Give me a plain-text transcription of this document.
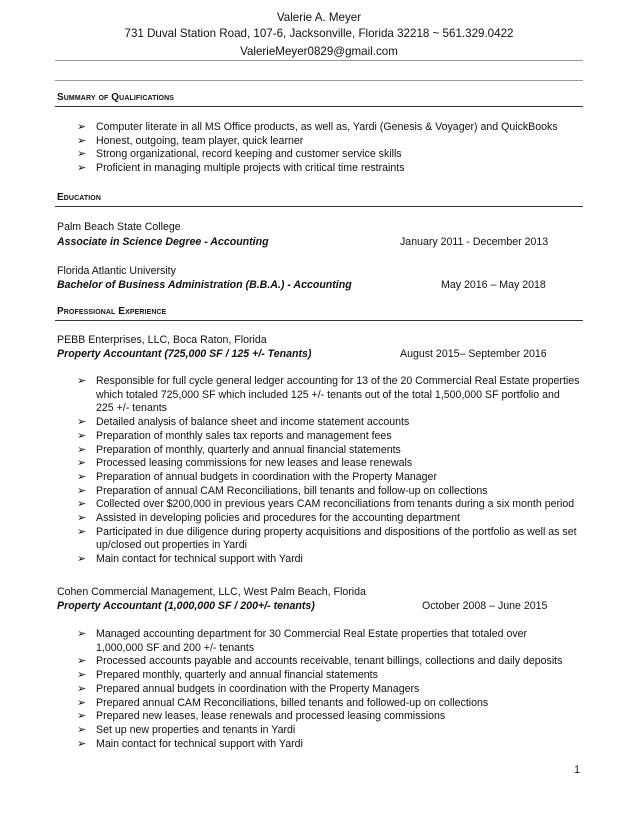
Valerie A. Meyer
731 Duval Station Road, 107-6, Jacksonville, Florida 32218 ~ 561.329.0422
ValerieMeyer0829@gmail.com
Summary of Qualifications
➢ Computer literate in all MS Office products, as well as, Yardi (Genesis & Voyager) and QuickBooks
➢ Honest, outgoing, team player, quick learner
➢ Strong organizational, record keeping and customer service skills
➢ Proficient in managing multiple projects with critical time restraints
Education
Palm Beach State College
Associate in Science Degree - Accounting	January 2011 - December 2013
Florida Atlantic University
Bachelor of Business Administration (B.B.A.) - Accounting	May 2016 – May 2018
Professional Experience
PEBB Enterprises, LLC, Boca Raton, Florida
Property Accountant (725,000 SF / 125 +/- Tenants)	August 2015– September 2016
➢ Responsible for full cycle general ledger accounting for 13 of the 20 Commercial Real Estate properties
which totaled 725,000 SF which included 125 +/- tenants out of the total 1,500,000 SF portfolio and
225 +/- tenants
➢ Detailed analysis of balance sheet and income statement accounts
➢ Preparation of monthly sales tax reports and management fees
➢ Preparation of monthly, quarterly and annual financial statements
➢ Processed leasing commissions for new leases and lease renewals
➢ Preparation of annual budgets in coordination with the Property Manager
➢ Preparation of annual CAM Reconciliations, bill tenants and follow-up on collections
➢ Collected over $200,000 in previous years CAM reconciliations from tenants during a six month period
➢ Assisted in developing policies and procedures for the accounting department
➢ Participated in due diligence during property acquisitions and dispositions of the portfolio as well as set
up/closed out properties in Yardi
➢ Main contact for technical support with Yardi
Cohen Commercial Management, LLC, West Palm Beach, Florida
Property Accountant (1,000,000 SF / 200+/- tenants)	October 2008 – June 2015
➢ Managed accounting department for 30 Commercial Real Estate properties that totaled over
1,000,000 SF and 200 +/- tenants
➢ Processed accounts payable and accounts receivable, tenant billings, collections and daily deposits
➢ Prepared monthly, quarterly and annual financial statements
➢ Prepared annual budgets in coordination with the Property Managers
➢ Prepared annual CAM Reconciliations, billed tenants and followed-up on collections
➢ Prepared new leases, lease renewals and processed leasing commissions
➢ Set up new properties and tenants in Yardi
➢ Main contact for technical support with Yardi
1
